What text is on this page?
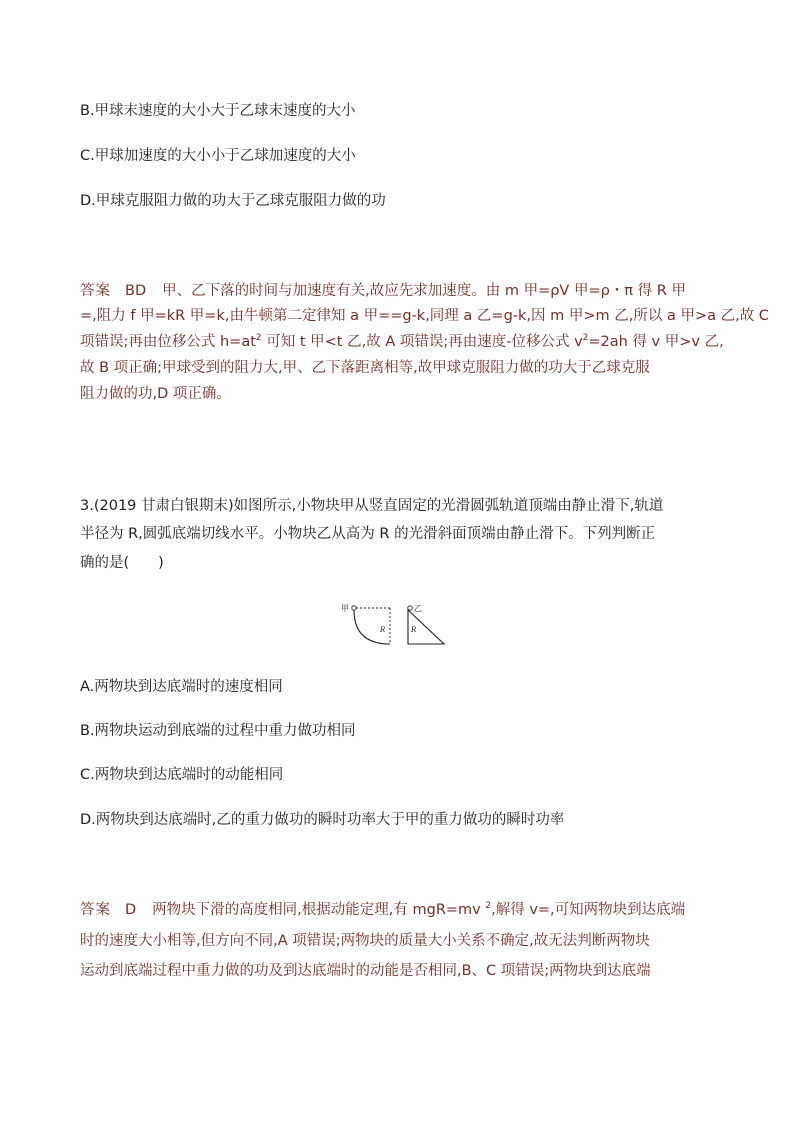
B.甲球末速度的大小大于乙球末速度的大小
C.甲球加速度的大小小于乙球加速度的大小
D.甲球克服阻力做的功大于乙球克服阻力做的功
答案 BD 甲、乙下落的时间与加速度有关,故应先求加速度。由 m 甲=ρV 甲=ρ・π 得 R 甲
=,阻力 f 甲=kR 甲=k,由牛顿第二定律知 a 甲==g-k,同理 a 乙=g-k,因 m 甲>m 乙,所以 a 甲>a 乙,故 C
项错误;再由位移公式 $h=at^2$ 可知 t 甲<t 乙,故 A 项错误;再由速度-位移公式 $v^2=2ah$ 得 v 甲>v 乙,
故 B 项正确;甲球受到的阻力大,甲、乙下落距离相等,故甲球克服阻力做的功大于乙球克服
阻力做的功,D 项正确。
3.(2019 甘肃白银期末)如图所示,小物块甲从竖直固定的光滑圆弧轨道顶端由静止滑下,轨道
半径为 R,圆弧底端切线水平。小物块乙从高为 R 的光滑斜面顶端由静止滑下。下列判断正
确的是(　　)
甲
R
乙
R
A.两物块到达底端时的速度相同
B.两物块运动到底端的过程中重力做功相同
C.两物块到达底端时的动能相同
D.两物块到达底端时,乙的重力做功的瞬时功率大于甲的重力做功的瞬时功率
答案 D 两物块下滑的高度相同,根据动能定理,有 mgR=mv $^2$,解得 v=,可知两物块到达底端
时的速度大小相等,但方向不同,A 项错误;两物块的质量大小关系不确定,故无法判断两物块
运动到底端过程中重力做的功及到达底端时的动能是否相同,B、C 项错误;两物块到达底端
